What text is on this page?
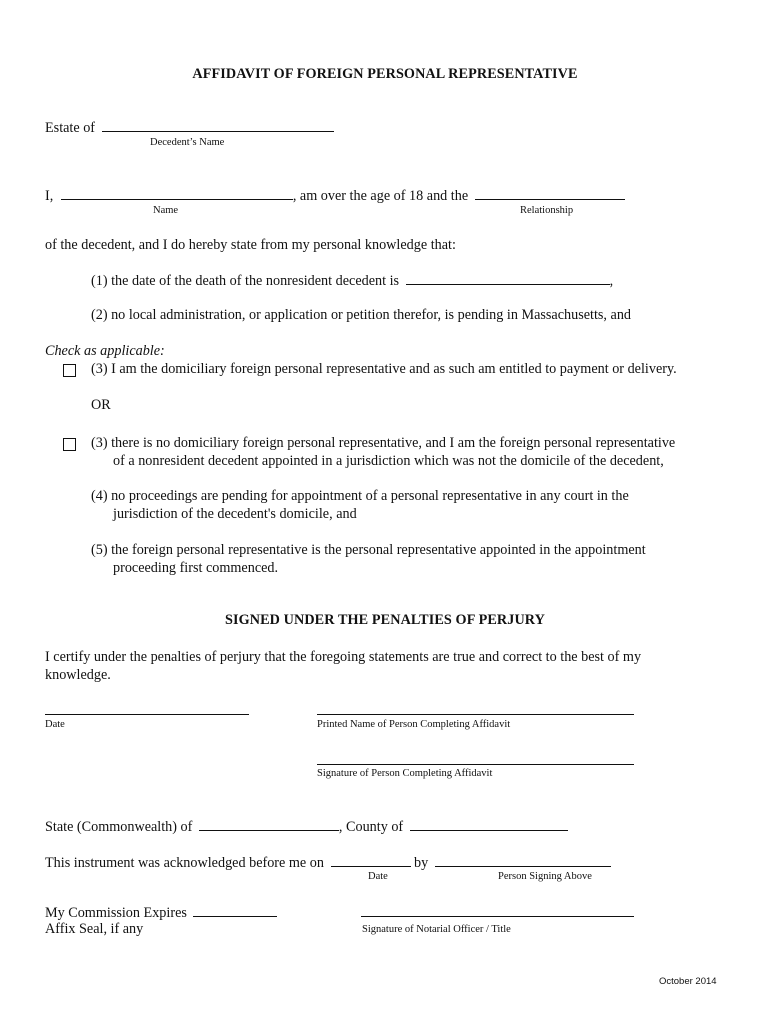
AFFIDAVIT OF FOREIGN PERSONAL REPRESENTATIVE
Estate of
Decedent’s Name
I,	, am over the age of 18 and the
Name	Relationship
of the decedent, and I do hereby state from my personal knowledge that:
(1) the date of the death of the nonresident decedent is	,
(2) no local administration, or application or petition therefor, is pending in Massachusetts, and
Check as applicable:
(3) I am the domiciliary foreign personal representative and as such am entitled to payment or delivery.
OR
(3) there is no domiciliary foreign personal representative, and I am the foreign personal representative
of a nonresident decedent appointed in a jurisdiction which was not the domicile of the decedent,
(4) no proceedings are pending for appointment of a personal representative in any court in the
jurisdiction of the decedent's domicile, and
(5) the foreign personal representative is the personal representative appointed in the appointment
proceeding first commenced.
SIGNED UNDER THE PENALTIES OF PERJURY
I certify under the penalties of perjury that the foregoing statements are true and correct to the best of my
knowledge.
Date	Printed Name of Person Completing Affidavit
Signature of Person Completing Affidavit
State (Commonwealth) of	, County of
This instrument was acknowledged before me on	by
Date	Person Signing Above
My Commission Expires
Affix Seal, if any	Signature of Notarial Officer / Title
October 2014
